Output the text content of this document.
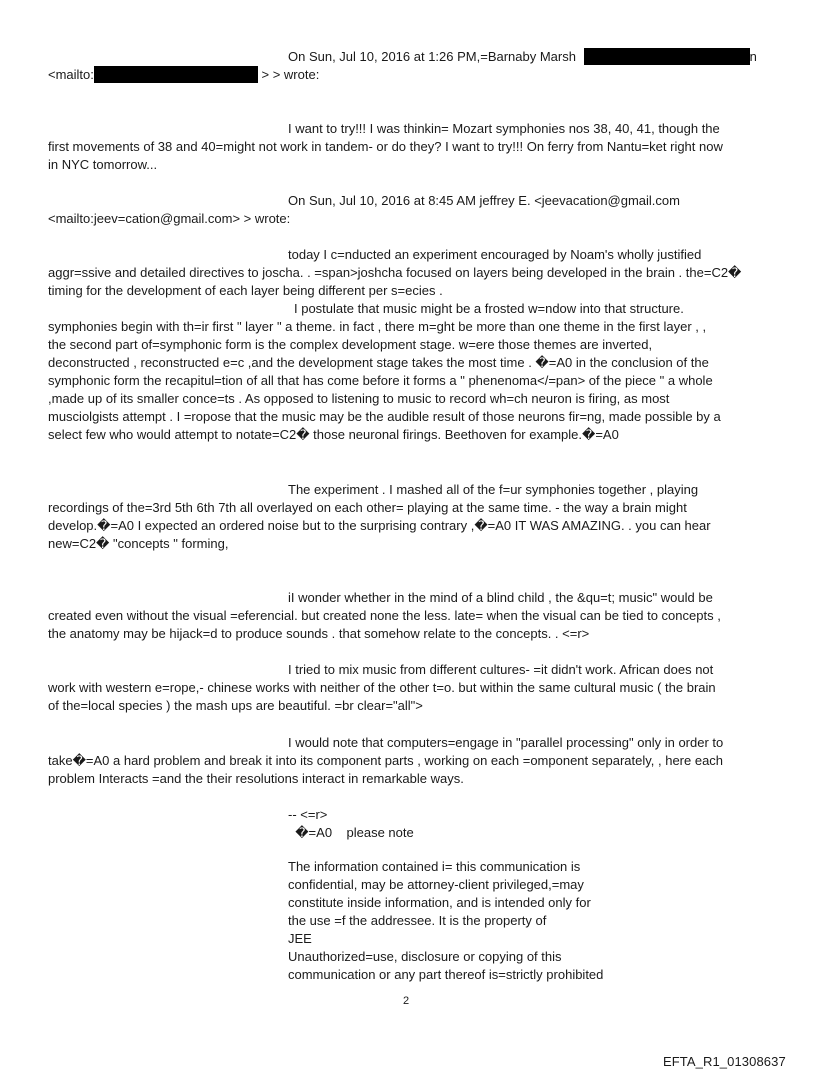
On Sun, Jul 10, 2016 at 1:26 PM,=Barnaby Marsh	n
<mailto:	> > wrote:
I want to try!!! I was thinkin= Mozart symphonies nos 38, 40, 41, though the
first movements of 38 and 40=might not work in tandem- or do they? I want to try!!! On ferry from Nantu=ket right now
in NYC tomorrow...
On Sun, Jul 10, 2016 at 8:45 AM jeffrey E. <jeevacation@gmail.com
<mailto:jeev=cation@gmail.com> > wrote:
today I c=nducted an experiment encouraged by Noam's wholly justified
aggr=ssive and detailed directives to joscha. . =span>joshcha focused on layers being developed in the brain . the=C2�
timing for the development of each layer being different per s=ecies .
I postulate that music might be a frosted w=ndow into that structure.
symphonies begin with th=ir first " layer " a theme. in fact , there m=ght be more than one theme in the first layer , ,
the second part of=symphonic form is the complex development stage. w=ere those themes are inverted,
deconstructed , reconstructed e=c ,and the development stage takes the most time . �=A0 in the conclusion of the
symphonic form the recapitul=tion of all that has come before it forms a " phenenoma</=pan> of the piece " a whole
,made up of its smaller conce=ts . As opposed to listening to music to record wh=ch neuron is firing, as most
musciolgists attempt . I =ropose that the music may be the audible result of those neurons fir=ng, made possible by a
select few who would attempt to notate=C2� those neuronal firings. Beethoven for example.�=A0
The experiment . I mashed all of the f=ur symphonies together , playing
recordings of the=3rd 5th 6th 7th all overlayed on each other= playing at the same time. - the way a brain might
develop.�=A0 I expected an ordered noise but to the surprising contrary ,�=A0 IT WAS AMAZING. . you can hear
new=C2� "concepts " forming,
iI wonder whether in the mind of a blind child , the &qu=t; music" would be
created even without the visual =eferencial. but created none the less. late= when the visual can be tied to concepts ,
the anatomy may be hijack=d to produce sounds . that somehow relate to the concepts. . <=r>
I tried to mix music from different cultures- =it didn't work. African does not
work with western e=rope,- chinese works with neither of the other t=o. but within the same cultural music ( the brain
of the=local species ) the mash ups are beautiful. =br clear="all">
I would note that computers=engage in "parallel processing" only in order to
take�=A0 a hard problem and break it into its component parts , working on each =omponent separately, , here each
problem Interacts =and the their resolutions interact in remarkable ways.
-- <=r>
�=A0    please note
The information contained i= this communication is
confidential, may be attorney-client privileged,=may
constitute inside information, and is intended only for
the use =f the addressee. It is the property of
JEE
Unauthorized=use, disclosure or copying of this
communication or any part thereof is=strictly prohibited
2
EFTA_R1_01308637
